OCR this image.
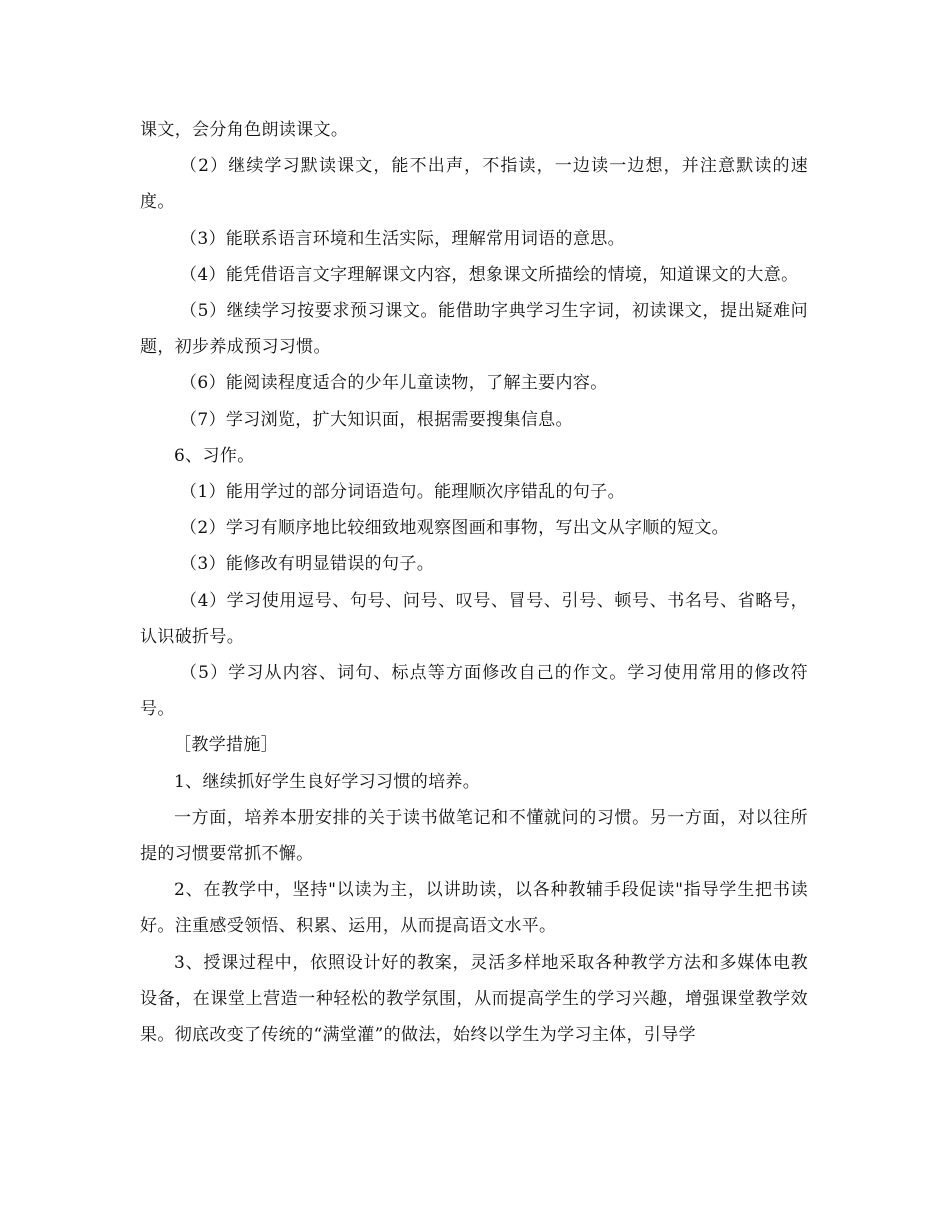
课文，会分角色朗读课文。

（2）继续学习默读课文，能不出声，不指读，一边读一边想，并注意默读的速度。

（3）能联系语言环境和生活实际，理解常用词语的意思。

（4）能凭借语言文字理解课文内容，想象课文所描绘的情境，知道课文的大意。

（5）继续学习按要求预习课文。能借助字典学习生字词，初读课文，提出疑难问题，初步养成预习习惯。

（6）能阅读程度适合的少年儿童读物，了解主要内容。

（7）学习浏览，扩大知识面，根据需要搜集信息。

6、习作。

（1）能用学过的部分词语造句。能理顺次序错乱的句子。

（2）学习有顺序地比较细致地观察图画和事物，写出文从字顺的短文。

（3）能修改有明显错误的句子。

（4）学习使用逗号、句号、问号、叹号、冒号、引号、顿号、书名号、省略号，认识破折号。

（5）学习从内容、词句、标点等方面修改自己的作文。学习使用常用的修改符号。

［教学措施］

1、继续抓好学生良好学习习惯的培养。

一方面，培养本册安排的关于读书做笔记和不懂就问的习惯。另一方面，对以往所提的习惯要常抓不懈。

2、在教学中，坚持"以读为主，以讲助读，以各种教辅手段促读"指导学生把书读好。注重感受领悟、积累、运用，从而提高语文水平。

3、授课过程中，依照设计好的教案，灵活多样地采取各种教学方法和多媒体电教设备，在课堂上营造一种轻松的教学氛围，从而提高学生的学习兴趣，增强课堂教学效果。彻底改变了传统的“满堂灌”的做法，始终以学生为学习主体，引导学
